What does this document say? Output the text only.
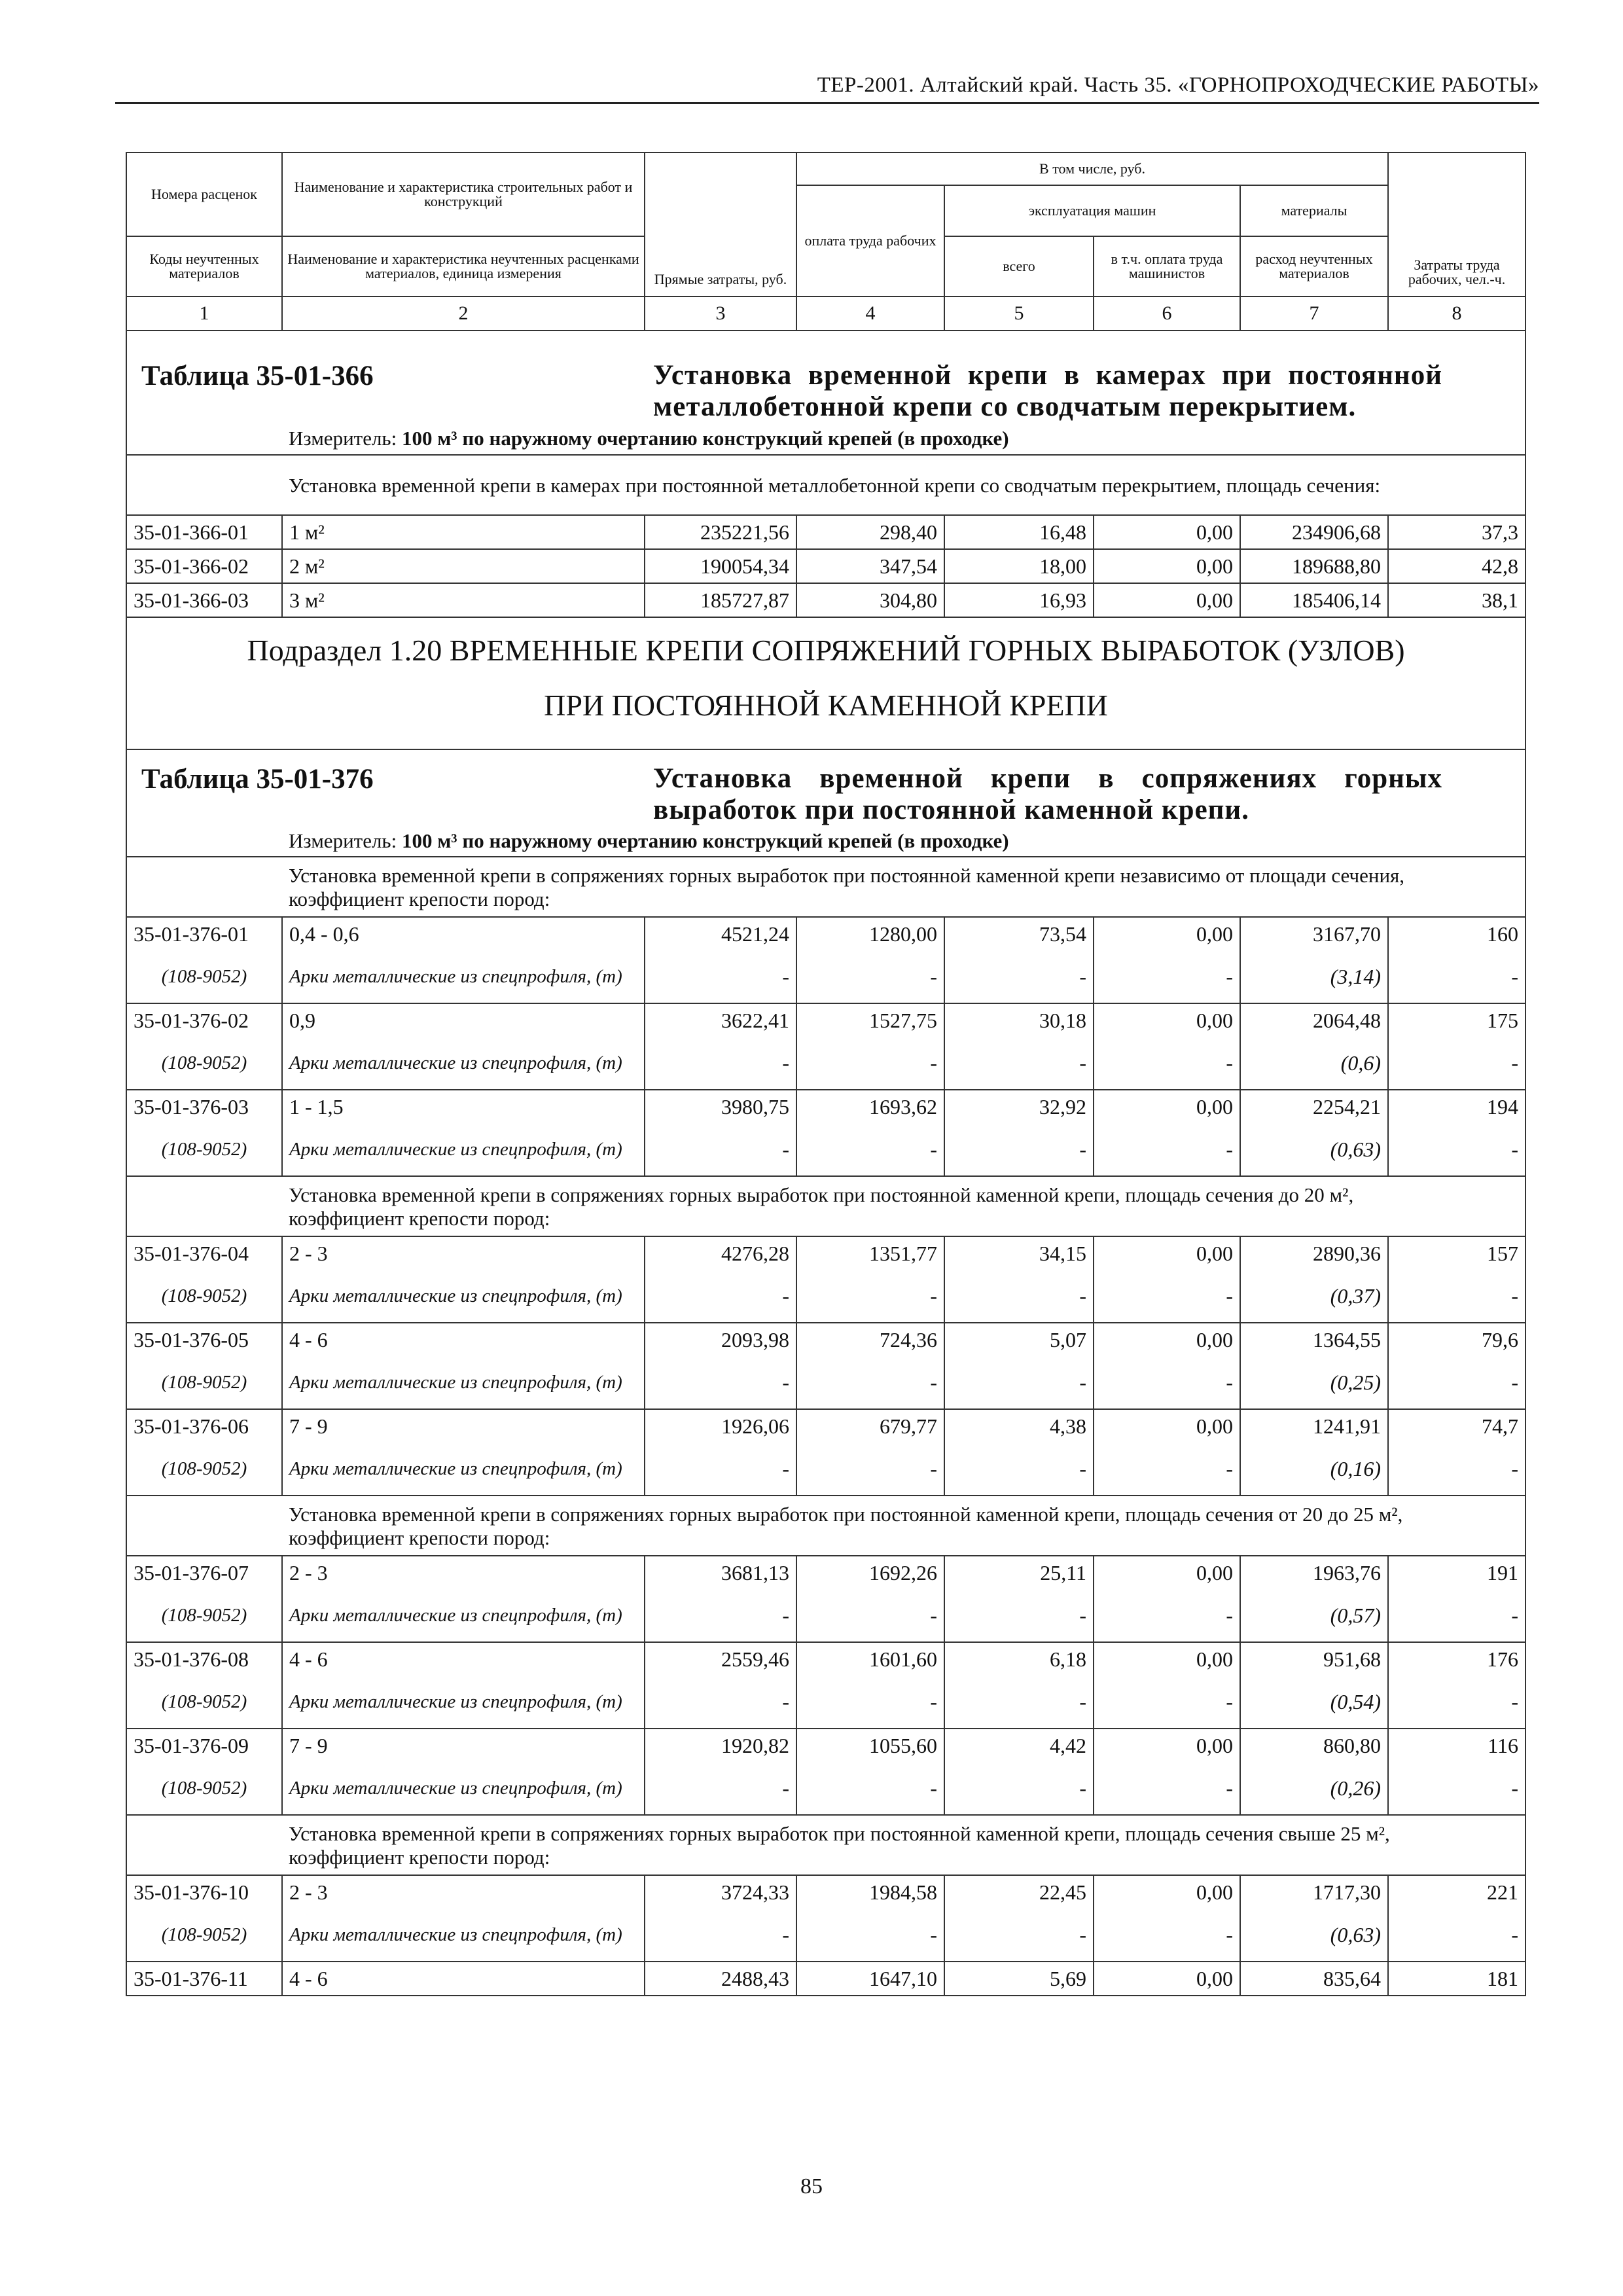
ТЕР-2001. Алтайский край. Часть 35. «ГОРНОПРОХОДЧЕСКИЕ РАБОТЫ»
Номера расценок	Наименование и характеристика строительных работ и конструкций	Прямые затраты, руб.	В том числе, руб.				Затраты труда рабочих, чел.-ч.
			оплата труда рабочих	эксплуатация машин		материалы	
Коды неучтенных материалов	Наименование и характеристика неучтенных расценками материалов, единица измерения			всего	в т.ч. оплата труда машинистов	расход неучтенных материалов	
1	2	3	4	5	6	7	8

Таблица 35-01-366 Установка временной крепи в камерах при постоянной металлобетонной крепи со сводчатым перекрытием.							

	Измеритель: 100 м³ по наружному очертанию конструкций крепей (в проходке)						
	Установка временной крепи в камерах при постоянной металлобетонной крепи со сводчатым перекрытием, площадь сечения:						
35-01-366-01	1 м²	235221,56	298,40	16,48	0,00	234906,68	37,3
35-01-366-02	2 м²	190054,34	347,54	18,00	0,00	189688,80	42,8
35-01-366-03	3 м²	185727,87	304,80	16,93	0,00	185406,14	38,1

Подраздел 1.20 ВРЕМЕННЫЕ КРЕПИ СОПРЯЖЕНИЙ ГОРНЫХ ВЫРАБОТОК (УЗЛОВ)
ПРИ ПОСТОЯННОЙ КАМЕННОЙ КРЕПИ							

Таблица 35-01-376 Установка временной крепи в сопряжениях горных выработок при постоянной каменной крепи.							

	Измеритель: 100 м³ по наружному очертанию конструкций крепей (в проходке)						
	Установка временной крепи в сопряжениях горных выработок при постоянной каменной крепи независимо от площади сечения, коэффициент крепости пород:						
35-01-376-01	0,4 - 0,6	4521,24	1280,00	73,54	0,00	3167,70	160
(108-9052)	Арки металлические из спецпрофиля, (т)	-	-	-	-	(3,14)	-
35-01-376-02	0,9	3622,41	1527,75	30,18	0,00	2064,48	175
(108-9052)	Арки металлические из спецпрофиля, (т)	-	-	-	-	(0,6)	-
35-01-376-03	1 - 1,5	3980,75	1693,62	32,92	0,00	2254,21	194
(108-9052)	Арки металлические из спецпрофиля, (т)	-	-	-	-	(0,63)	-
	Установка временной крепи в сопряжениях горных выработок при постоянной каменной крепи, площадь сечения до 20 м², коэффициент крепости пород:						
35-01-376-04	2 - 3	4276,28	1351,77	34,15	0,00	2890,36	157
(108-9052)	Арки металлические из спецпрофиля, (т)	-	-	-	-	(0,37)	-
35-01-376-05	4 - 6	2093,98	724,36	5,07	0,00	1364,55	79,6
(108-9052)	Арки металлические из спецпрофиля, (т)	-	-	-	-	(0,25)	-
35-01-376-06	7 - 9	1926,06	679,77	4,38	0,00	1241,91	74,7
(108-9052)	Арки металлические из спецпрофиля, (т)	-	-	-	-	(0,16)	-
	Установка временной крепи в сопряжениях горных выработок при постоянной каменной крепи, площадь сечения от 20 до 25 м², коэффициент крепости пород:						
35-01-376-07	2 - 3	3681,13	1692,26	25,11	0,00	1963,76	191
(108-9052)	Арки металлические из спецпрофиля, (т)	-	-	-	-	(0,57)	-
35-01-376-08	4 - 6	2559,46	1601,60	6,18	0,00	951,68	176
(108-9052)	Арки металлические из спецпрофиля, (т)	-	-	-	-	(0,54)	-
35-01-376-09	7 - 9	1920,82	1055,60	4,42	0,00	860,80	116
(108-9052)	Арки металлические из спецпрофиля, (т)	-	-	-	-	(0,26)	-
	Установка временной крепи в сопряжениях горных выработок при постоянной каменной крепи, площадь сечения свыше 25 м², коэффициент крепости пород:						
35-01-376-10	2 - 3	3724,33	1984,58	22,45	0,00	1717,30	221
(108-9052)	Арки металлические из спецпрофиля, (т)	-	-	-	-	(0,63)	-
35-01-376-11	4 - 6	2488,43	1647,10	5,69	0,00	835,64	181
85
